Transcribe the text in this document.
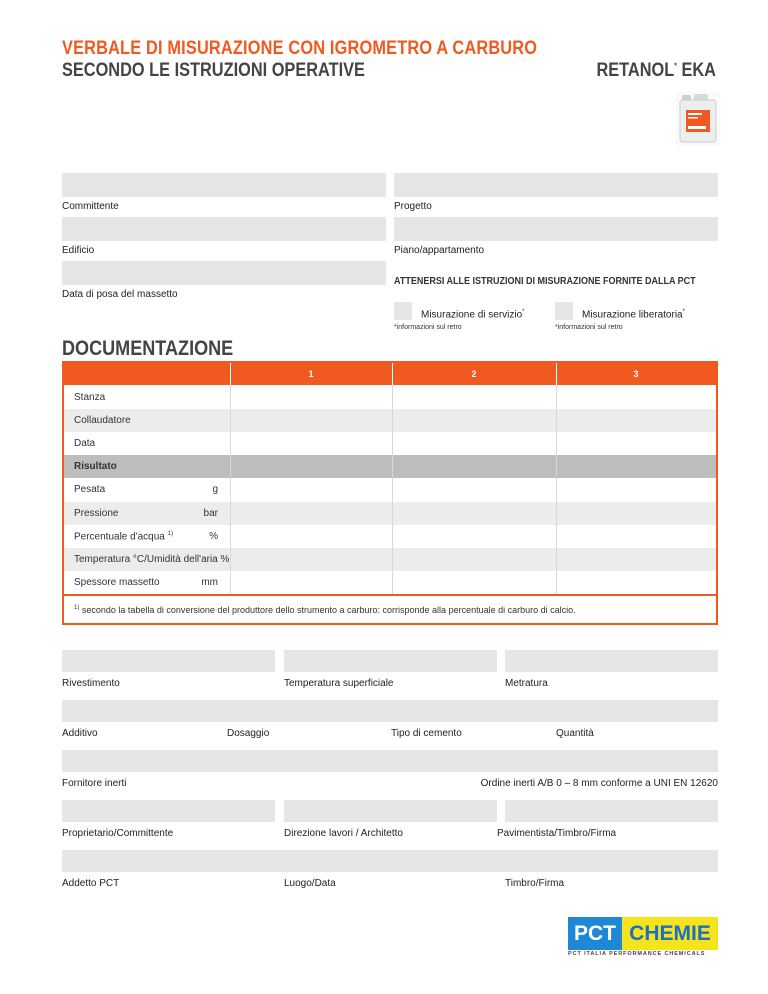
VERBALE DI MISURAZIONE CON IGROMETRO A CARBURO
SECONDO LE ISTRUZIONI OPERATIVE	RETANOL* EKA
Committente	Progetto
Edificio	Piano/appartamento
Data di posa del massetto
ATTENERSI ALLE ISTRUZIONI DI MISURAZIONE FORNITE DALLA PCT
Misurazione di servizio*
*informazioni sul retro
Misurazione liberatoria*
*informazioni sul retro
DOCUMENTAZIONE
1	2	3
Stanza
Collaudatore
Data
Risultato
Pesata	g
Pressione	bar
Percentuale d'acqua $^{1)}$	%
Temperatura °C/Umidità dell'aria %
Spessore massetto	mm
$^{1)}$ secondo la tabella di conversione del produttore dello strumento a carburo: corrisponde alla percentuale di carburo di calcio.
Rivestimento	Temperatura superficiale	Metratura
Additivo	Dosaggio	Tipo di cemento	Quantità
Fornitore inerti	Ordine inerti A/B 0 – 8 mm conforme a UNI EN 12620
Proprietario/Committente	Direzione lavori / Architetto	Pavimentista/Timbro/Firma
Addetto PCT	Luogo/Data	Timbro/Firma
PCT CHEMIE
PCT ITALIA PERFORMANCE CHEMICALS
